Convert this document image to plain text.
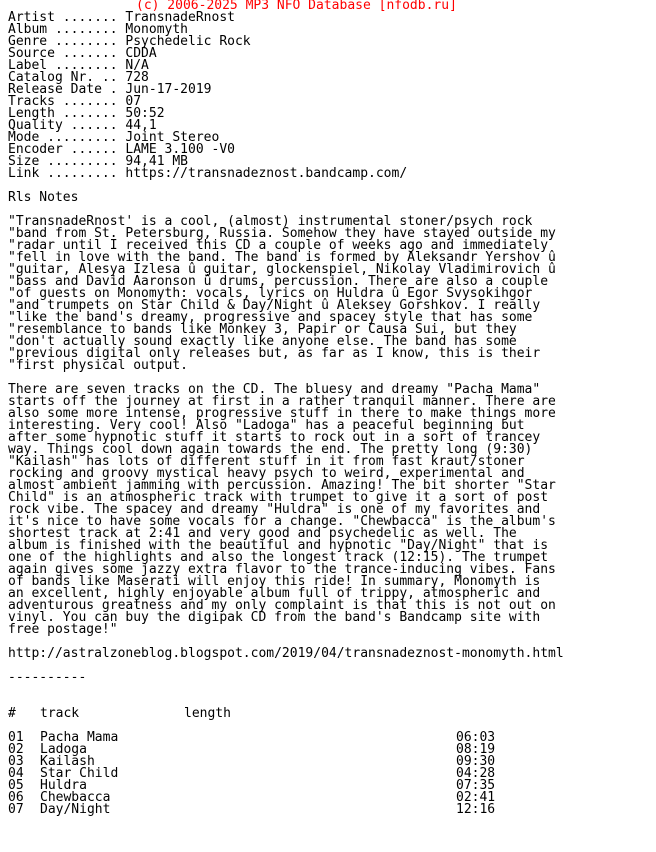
(c) 2006-2025 MP3 NFO Database [nfodb.ru]
Artist ....... TransnadeRnost
Album ........ Monomyth
Genre ........ Psychedelic Rock
Source ....... CDDA
Label ........ N/A
Catalog Nr. .. 728
Release Date . Jun-17-2019
Tracks ....... 07
Length ....... 50:52
Quality ...... 44,1
Mode ......... Joint Stereo
Encoder ...... LAME 3.100 -V0
Size ......... 94,41 MB
Link ......... https://transnadeznost.bandcamp.com/
Rls Notes
"TransnadeRnost' is a cool, (almost) instrumental stoner/psych rock
"band from St. Petersburg, Russia. Somehow they have stayed outside my
"radar until I received this CD a couple of weeks ago and immediately
"fell in love with the band. The band is formed by Aleksandr Yershov û
"guitar, Alesya Izlesa û guitar, glockenspiel, Nikolay Vladimirovich û
"bass and David Aaronson û drums, percussion. There are also a couple
"of guests on Monomyth: vocals, lyrics on Huldra û Egor Svysokihgor
"and trumpets on Star Child & Day/Night û Aleksey Gorshkov. I really
"like the band's dreamy, progressive and spacey style that has some
"resemblance to bands like Monkey 3, Papir or Causa Sui, but they
"don't actually sound exactly like anyone else. The band has some
"previous digital only releases but, as far as I know, this is their
"first physical output.
There are seven tracks on the CD. The bluesy and dreamy "Pacha Mama"
starts off the journey at first in a rather tranquil manner. There are
also some more intense, progressive stuff in there to make things more
interesting. Very cool! Also "Ladoga" has a peaceful beginning but
after some hypnotic stuff it starts to rock out in a sort of trancey
way. Things cool down again towards the end. The pretty long (9:30)
"Kailash" has lots of different stuff in it from fast kraut/stoner
rocking and groovy mystical heavy psych to weird, experimental and
almost ambient jamming with percussion. Amazing! The bit shorter "Star
Child" is an atmospheric track with trumpet to give it a sort of post
rock vibe. The spacey and dreamy "Huldra" is one of my favorites and
it's nice to have some vocals for a change. "Chewbacca" is the album's
shortest track at 2:41 and very good and psychedelic as well. The
album is finished with the beautiful and hypnotic "Day/Night" that is
one of the highlights and also the longest track (12:15). The trumpet
again gives some jazzy extra flavor to the trance-inducing vibes. Fans
of bands like Maserati will enjoy this ride! In summary, Monomyth is
an excellent, highly enjoyable album full of trippy, atmospheric and
adventurous greatness and my only complaint is that this is not out on
vinyl. You can buy the digipak CD from the band's Bandcamp site with
free postage!"
http://astralzoneblog.blogspot.com/2019/04/transnadeznost-monomyth.html
----------
#	track	length
01	Pacha Mama	06:03
02	Ladoga	08:19
03	Kailash	09:30
04	Star Child	04:28
05	Huldra	07:35
06	Chewbacca	02:41
07	Day/Night	12:16
